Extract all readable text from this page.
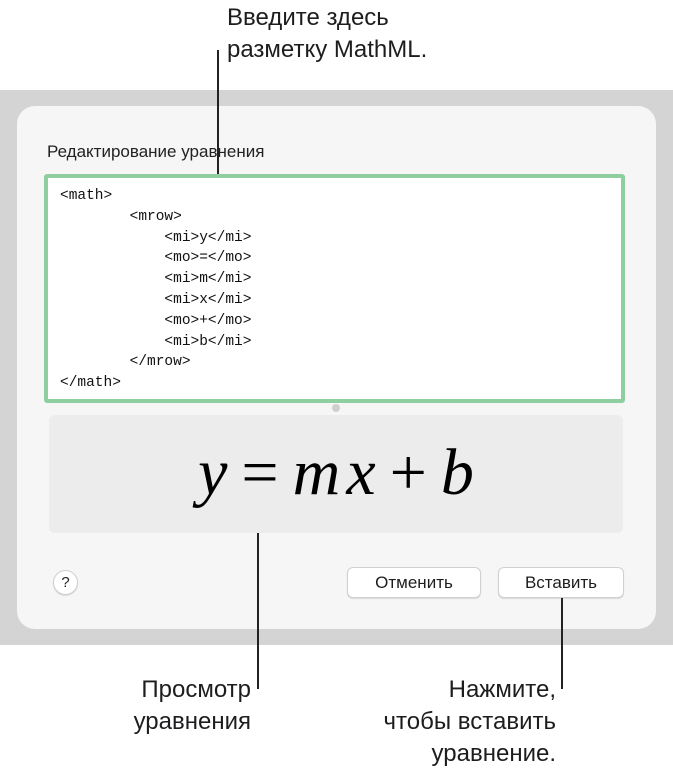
Введите здесь
разметку MathML.
Редактирование уравнения
<math>
<mrow>
<mi>y</mi>
<mo>=</mo>
<mi>m</mi>
<mi>x</mi>
<mo>+</mo>
<mi>b</mi>
</mrow>
</math>
y = mx + b
?	Отменить	Вставить
Просмотр
уравнения
Нажмите,
чтобы вставить
уравнение.
